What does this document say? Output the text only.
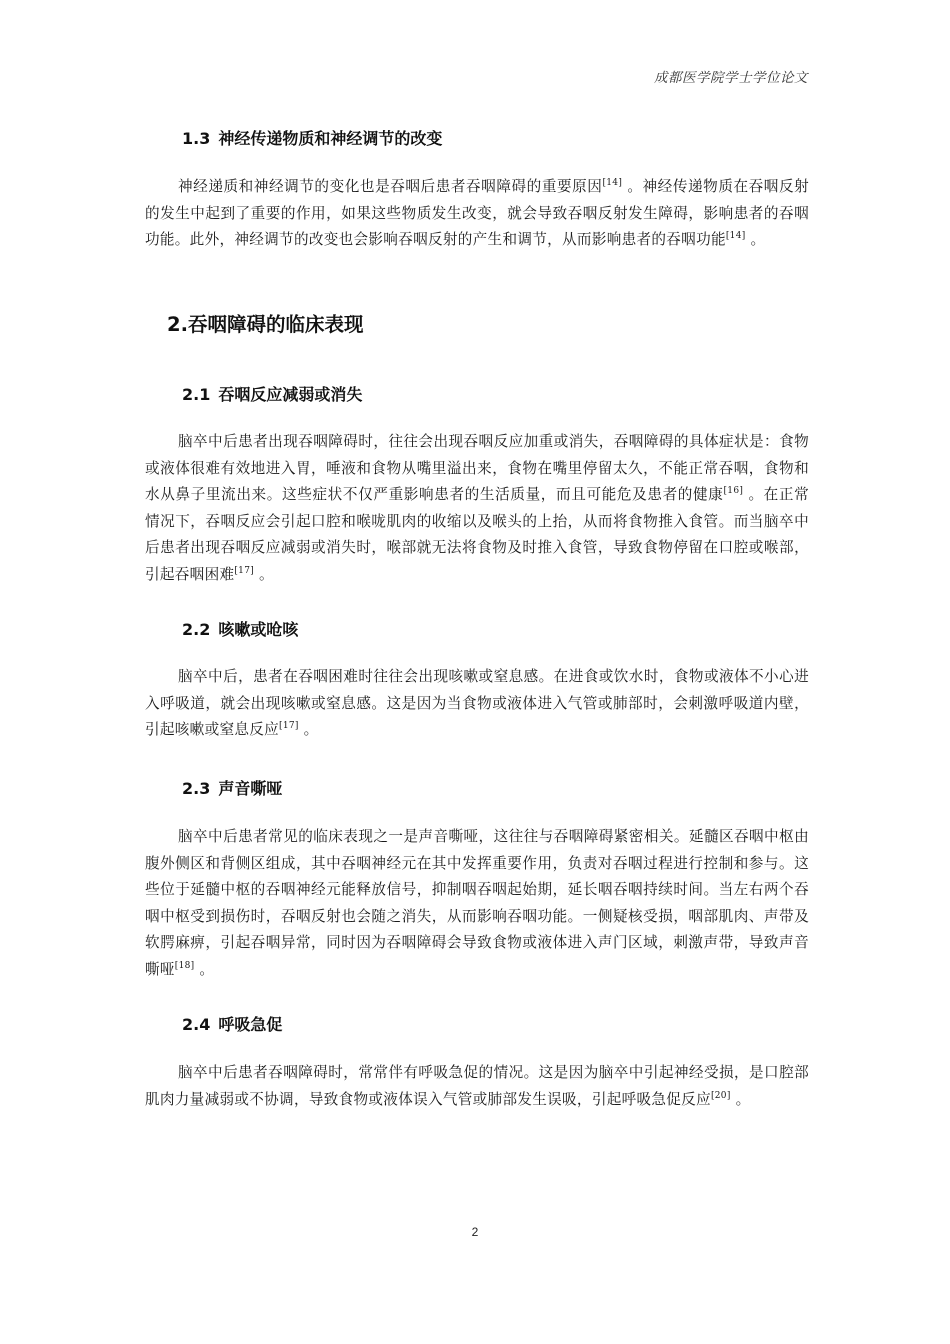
成都医学院学士学位论文
1.3 神经传递物质和神经调节的改变

神经递质和神经调节的变化也是吞咽后患者吞咽障碍的重要原因[14] 。神经传递物质在吞咽反射的发生中起到了重要的作用，如果这些物质发生改变，就会导致吞咽反射发生障碍，影响患者的吞咽功能。此外，神经调节的改变也会影响吞咽反射的产生和调节，从而影响患者的吞咽功能[14] 。

2.吞咽障碍的临床表现
2.1 吞咽反应减弱或消失

脑卒中后患者出现吞咽障碍时，往往会出现吞咽反应加重或消失，吞咽障碍的具体症状是：食物或液体很难有效地进入胃，唾液和食物从嘴里溢出来，食物在嘴里停留太久，不能正常吞咽，食物和水从鼻子里流出来。这些症状不仅严重影响患者的生活质量，而且可能危及患者的健康[16] 。在正常情况下，吞咽反应会引起口腔和喉咙肌肉的收缩以及喉头的上抬，从而将食物推入食管。而当脑卒中后患者出现吞咽反应减弱或消失时，喉部就无法将食物及时推入食管，导致食物停留在口腔或喉部，引起吞咽困难[17] 。

2.2 咳嗽或呛咳

脑卒中后，患者在吞咽困难时往往会出现咳嗽或窒息感。在进食或饮水时，食物或液体不小心进入呼吸道，就会出现咳嗽或窒息感。这是因为当食物或液体进入气管或肺部时，会刺激呼吸道内壁，引起咳嗽或窒息反应[17] 。

2.3 声音嘶哑

脑卒中后患者常见的临床表现之一是声音嘶哑，这往往与吞咽障碍紧密相关。延髓区吞咽中枢由腹外侧区和背侧区组成，其中吞咽神经元在其中发挥重要作用，负责对吞咽过程进行控制和参与。这些位于延髓中枢的吞咽神经元能释放信号，抑制咽吞咽起始期，延长咽吞咽持续时间。当左右两个吞咽中枢受到损伤时，吞咽反射也会随之消失，从而影响吞咽功能。一侧疑核受损，咽部肌肉、声带及软腭麻痹，引起吞咽异常，同时因为吞咽障碍会导致食物或液体进入声门区域，刺激声带，导致声音嘶哑[18] 。

2.4 呼吸急促

脑卒中后患者吞咽障碍时，常常伴有呼吸急促的情况。这是因为脑卒中引起神经受损，是口腔部肌肉力量减弱或不协调，导致食物或液体误入气管或肺部发生误吸，引起呼吸急促反应[20] 。

2
